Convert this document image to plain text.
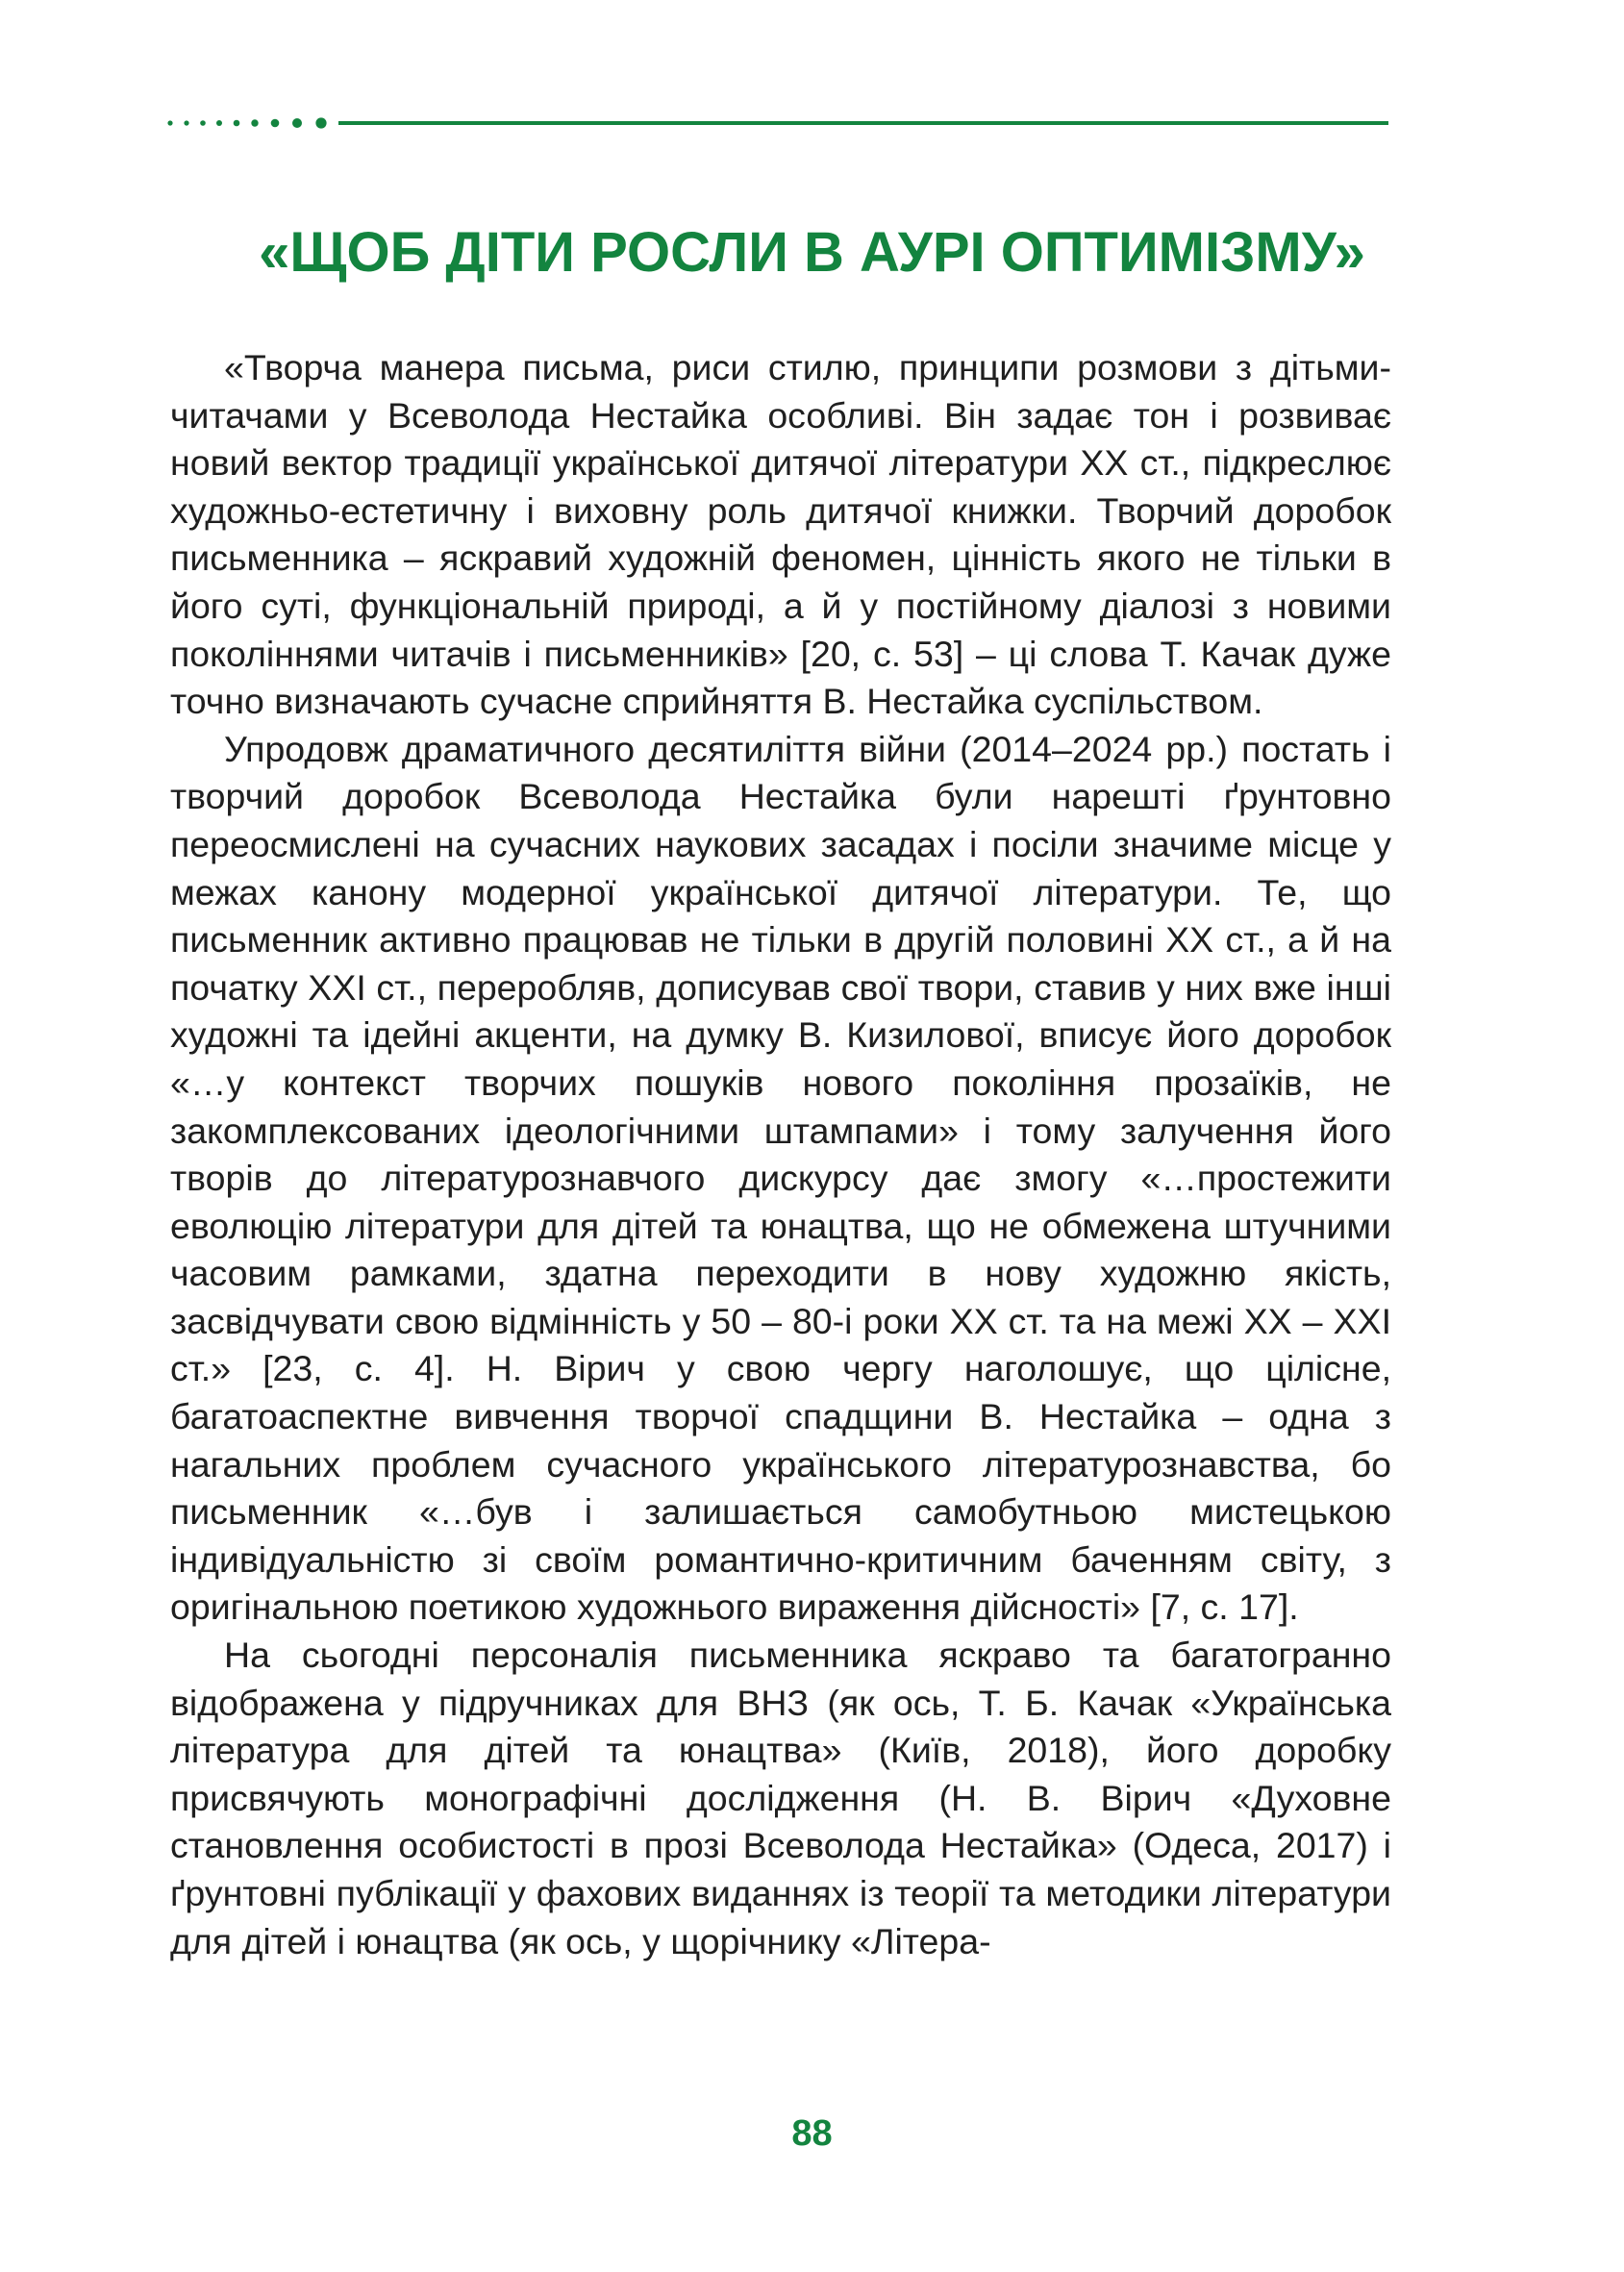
«ЩОБ ДІТИ РОСЛИ В АУРІ ОПТИМІЗМУ»

«Творча манера письма, риси стилю, принципи розмови з дітьми-читачами у Всеволода Нестайка особливі. Він задає тон і розвиває новий вектор традиції української дитячої літератури XX ст., підкреслює художньо-естетичну і виховну роль дитячої книжки. Творчий доробок письменника – яскравий художній феномен, цінність якого не тільки в його суті, функціональній природі, а й у постійному діалозі з новими поколіннями читачів і письменників» [20, с. 53] – ці слова Т. Качак дуже точно визначають сучасне сприйняття В. Нестайка суспільством.

Упродовж драматичного десятиліття війни (2014–2024 рр.) постать і творчий доробок Всеволода Нестайка були нарешті ґрунтовно переосмислені на сучасних наукових засадах і посіли значиме місце у межах канону модерної української дитячої літератури. Те, що письменник активно працював не тільки в другій половині XX ст., а й на початку XXI ст., переробляв, дописував свої твори, ставив у них вже інші художні та ідейні акценти, на думку В. Кизилової, вписує його доробок «…у контекст творчих пошуків нового покоління прозаїків, не закомплексованих ідеологічними штампами» і тому залучення його творів до літературознавчого дискурсу дає змогу «…простежити еволюцію літератури для дітей та юнацтва, що не обмежена штучними часовим рамками, здатна переходити в нову художню якість, засвідчувати свою відмінність у 50 – 80-і роки XX ст. та на межі XX – XXI ст.» [23, с. 4]. Н. Вірич у свою чергу наголошує, що цілісне, багатоаспектне вивчення творчої спадщини В. Нестайка – одна з нагальних проблем сучасного українського літературознавства, бо письменник «…був і залишається самобутньою мистецькою індивідуальністю зі своїм романтично-критичним баченням світу, з оригінальною поетикою художнього вираження дійсності» [7, с. 17].

На сьогодні персоналія письменника яскраво та багатогранно відображена у підручниках для ВНЗ (як ось, Т. Б. Качак «Українська література для дітей та юнацтва» (Київ, 2018), його доробку присвячують монографічні дослідження (Н. В. Вірич «Духовне становлення особистості в прозі Всеволода Нестайка» (Одеса, 2017) і ґрунтовні публікації у фахових виданнях із теорії та методики літератури для дітей і юнацтва (як ось, у щорічнику «Літера-

88
